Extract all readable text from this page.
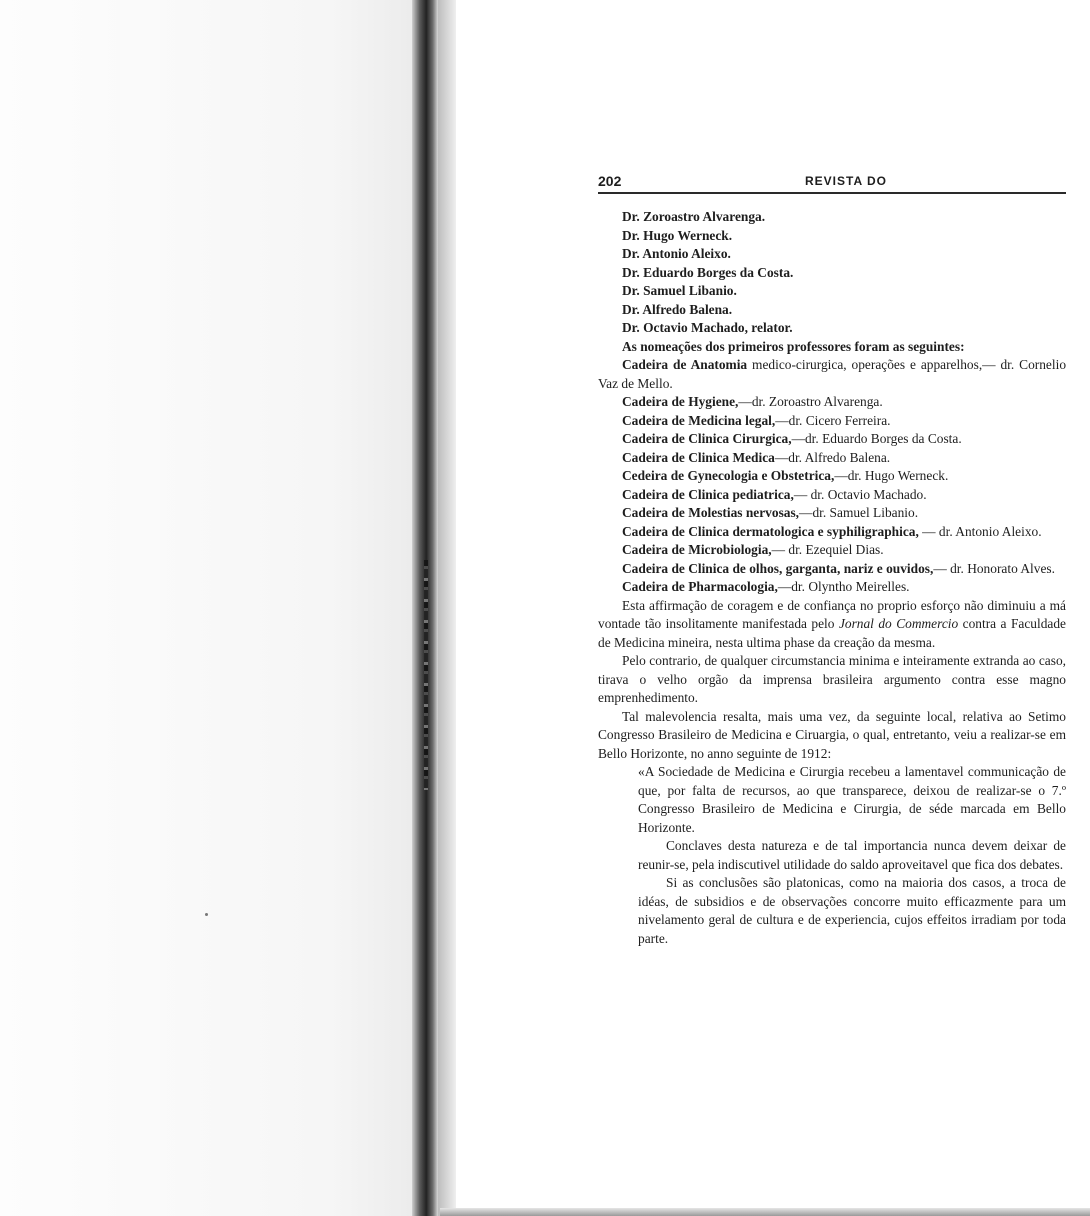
202	REVISTA DO

Dr. Zoroastro Alvarenga.

Dr. Hugo Werneck.

Dr. Antonio Aleixo.

Dr. Eduardo Borges da Costa.

Dr. Samuel Libanio.

Dr. Alfredo Balena.

Dr. Octavio Machado, relator.

As nomeações dos primeiros professores foram as seguintes:

Cadeira de Anatomia medico-cirurgica, operações e apparelhos,— dr. Cornelio Vaz de Mello.

Cadeira de Hygiene,—dr. Zoroastro Alvarenga.

Cadeira de Medicina legal,—dr. Cicero Ferreira.

Cadeira de Clinica Cirurgica,—dr. Eduardo Borges da Costa.

Cadeira de Clinica Medica—dr. Alfredo Balena.

Cedeira de Gynecologia e Obstetrica,—dr. Hugo Werneck.

Cadeira de Clinica pediatrica,— dr. Octavio Machado.

Cadeira de Molestias nervosas,—dr. Samuel Libanio.

Cadeira de Clinica dermatologica e syphiligraphica, — dr. Antonio Aleixo.

Cadeira de Microbiologia,— dr. Ezequiel Dias.

Cadeira de Clinica de olhos, garganta, nariz e ouvidos,— dr. Honorato Alves.

Cadeira de Pharmacologia,—dr. Olyntho Meirelles.

Esta affirmação de coragem e de confiança no proprio esforço não diminuiu a má vontade tão insolitamente manifestada pelo Jornal do Commercio contra a Faculdade de Medicina mineira, nesta ultima phase da creação da mesma.

Pelo contrario, de qualquer circumstancia minima e inteiramente extranda ao caso, tirava o velho orgão da imprensa brasileira argumento contra esse magno emprenhedimento.

Tal malevolencia resalta, mais uma vez, da seguinte local, relativa ao Setimo Congresso Brasileiro de Medicina e Ciruargia, o qual, entretanto, veiu a realizar-se em Bello Horizonte, no anno seguinte de 1912:

«A Sociedade de Medicina e Cirurgia recebeu a lamentavel communicação de que, por falta de recursos, ao que transparece, deixou de realizar-se o 7.º Congresso Brasileiro de Medicina e Cirurgia, de séde marcada em Bello Horizonte.

Conclaves desta natureza e de tal importancia nunca devem deixar de reunir-se, pela indiscutivel utilidade do saldo aproveitavel que fica dos debates.

Si as conclusões são platonicas, como na maioria dos casos, a troca de idéas, de subsidios e de observações concorre muito efficazmente para um nivelamento geral de cultura e de experiencia, cujos effeitos irradiam por toda parte.
